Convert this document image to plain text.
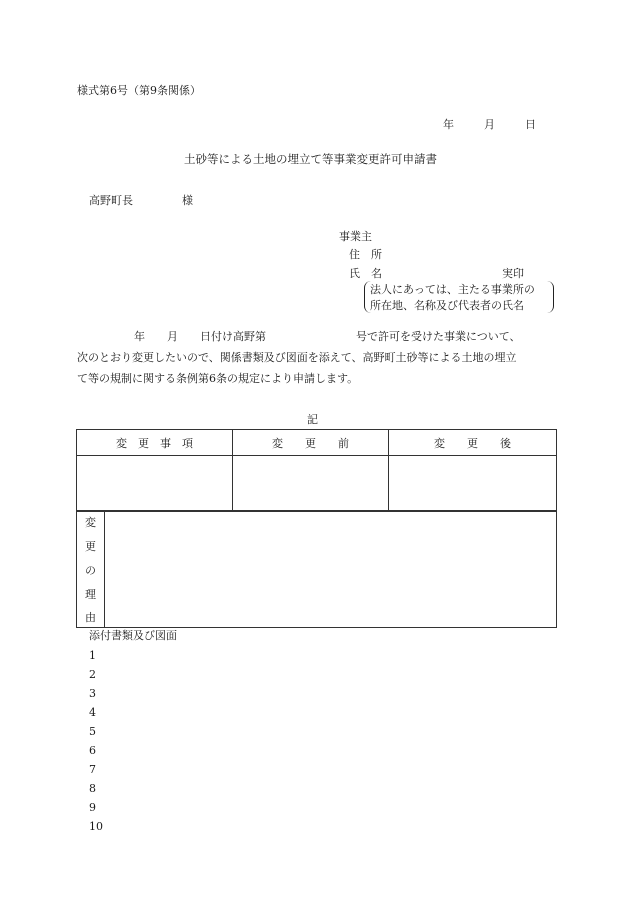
様式第6号（第9条関係）
年	月	日
土砂等による土地の埋立て等事業変更許可申請書
高野町長	様
事業主
住　所
氏　名	実印
法人にあっては、主たる事業所の
所在地、名称及び代表者の氏名
年 月 日付け高野第	号で許可を受けた事業について、
次のとおり変更したいので、関係書類及び図面を添えて、高野町土砂等による土地の埋立
て等の規制に関する条例第6条の規定により申請します。
記
変　更　事　項	変　　更　　前	変　　更　　後

変
更
の
理
由
添付書類及び図面
1
2
3
4
5
6
7
8
9
10
